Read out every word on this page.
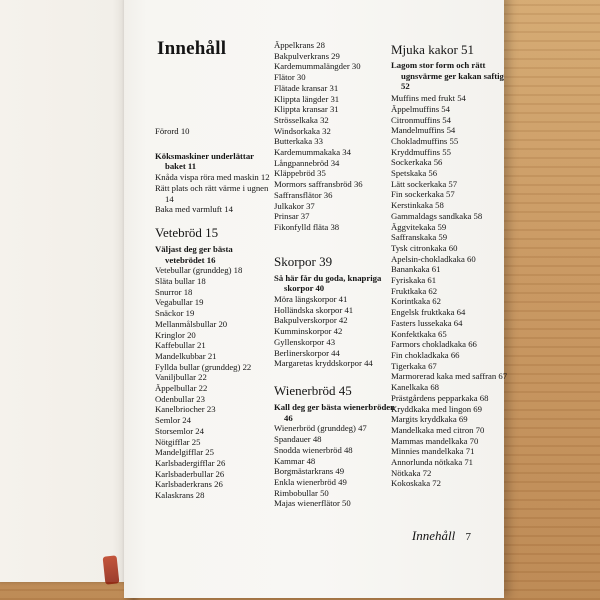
Innehåll
Förord 10
Köksmaskiner underlättar baket 11
Knåda vispa röra med maskin 12
Rätt plats och rätt värme i ugnen 14
Baka med varmluft 14
Vetebröd 15
Väljast deg ger bästa vetebrödet 16
Vetebullar (grunddeg) 18
Släta bullar 18
Snurror 18
Vegabullar 19
Snäckor 19
Mellanmålsbullar 20
Kringlor 20
Kaffebullar 21
Mandelkubbar 21
Fyllda bullar (grunddeg) 22
Vaniljbullar 22
Äppelbullar 22
Odenbullar 23
Kanelbriocher 23
Semlor 24
Storsemlor 24
Nötgifflar 25
Mandelgifflar 25
Karlsbadergifflar 26
Karlsbaderbullar 26
Karlsbaderkrans 26
Kalaskrans 28
Äppelkrans 28
Bakpulverkrans 29
Kardemummalängder 30
Flätor 30
Flätade kransar 31
Klippta längder 31
Klippta kransar 31
Strösselkaka 32
Windsorkaka 32
Butterkaka 33
Kardemummakaka 34
Långpannebröd 34
Kläppebröd 35
Mormors saffransbröd 36
Saffransflätor 36
Julkakor 37
Prinsar 37
Fikonfylld fläta 38
Skorpor 39
Så här får du goda, knapriga skorpor 40
Möra längskorpor 41
Holländska skorpor 41
Bakpulverskorpor 42
Kumminskorpor 42
Gyllenskorpor 43
Berlinerskorpor 44
Margaretas kryddskorpor 44
Wienerbröd 45
Kall deg ger bästa wienerbröden 46
Wienerbröd (grunddeg) 47
Spandauer 48
Snodda wienerbröd 48
Kammar 48
Borgmästarkrans 49
Enkla wienerbröd 49
Rimbobullar 50
Majas wienerflätor 50
Mjuka kakor 51
Lagom stor form och rätt ugnsvärme ger kakan saftig 52
Muffins med frukt 54
Äppelmuffins 54
Citronmuffins 54
Mandelmuffins 54
Chokladmuffins 55
Kryddmuffins 55
Sockerkaka 56
Spetskaka 56
Lätt sockerkaka 57
Fin sockerkaka 57
Kerstinkaka 58
Gammaldags sandkaka 58
Äggvitekaka 59
Saffranskaka 59
Tysk citronkaka 60
Apelsin-chokladkaka 60
Banankaka 61
Fyriskaka 61
Fruktkaka 62
Korintkaka 62
Engelsk fruktkaka 64
Fasters lussekaka 64
Konfektkaka 65
Farmors chokladkaka 66
Fin chokladkaka 66
Tigerkaka 67
Marmorerad kaka med saffran 67
Kanelkaka 68
Prästgårdens pepparkaka 68
Kryddkaka med lingon 69
Margits kryddkaka 69
Mandelkaka med citron 70
Mammas mandelkaka 70
Minnies mandelkaka 71
Annorlunda nötkaka 71
Nötkaka 72
Kokoskaka 72
Innehåll 7
